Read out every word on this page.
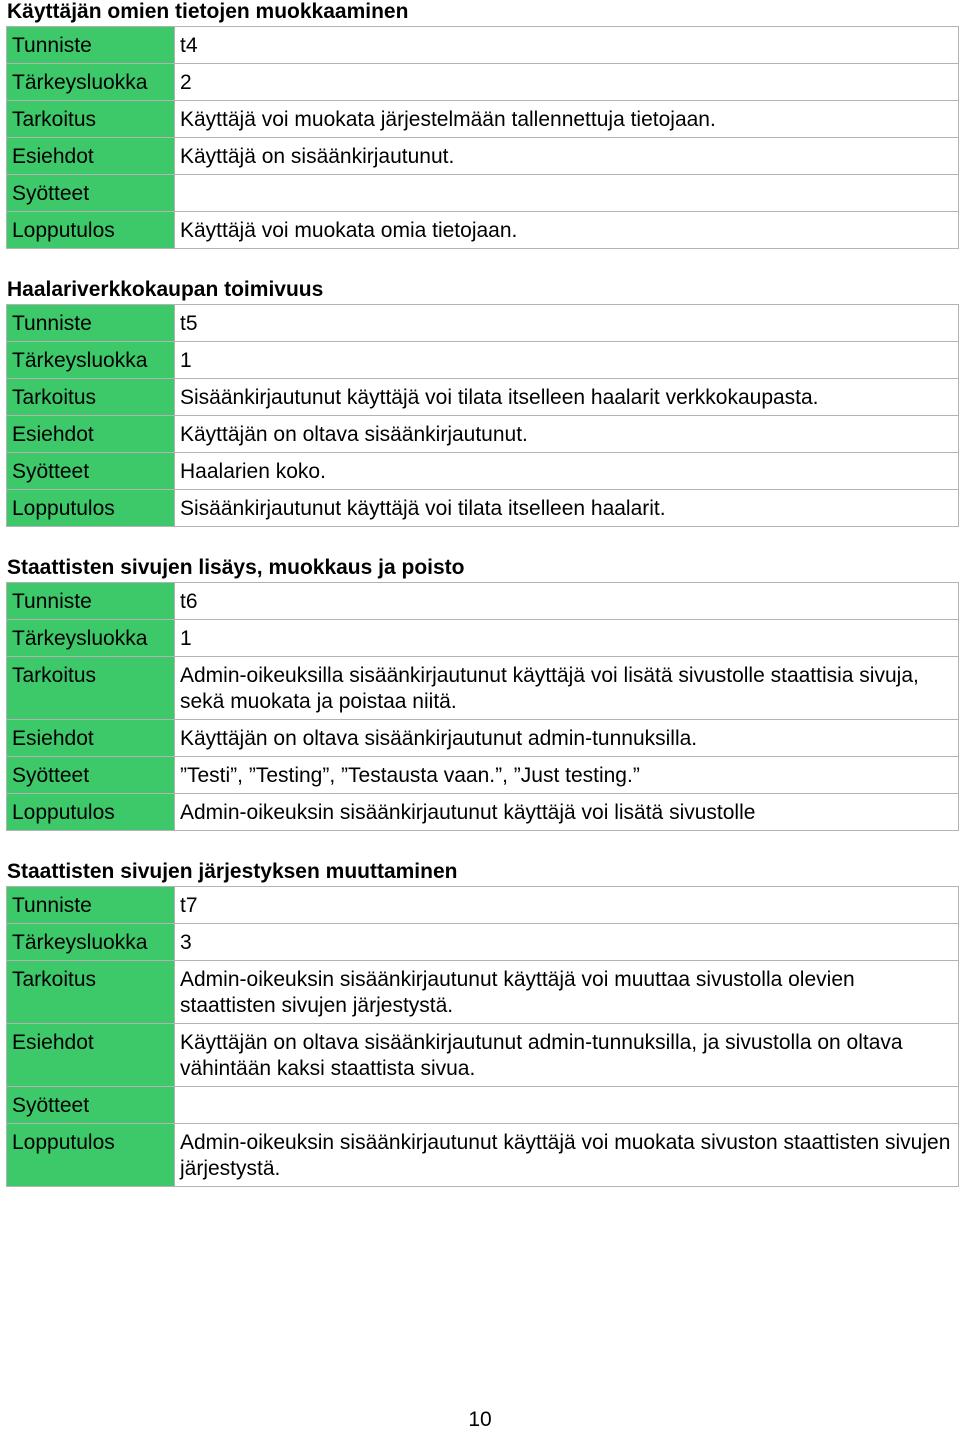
Käyttäjän omien tietojen muokkaaminen
Tunniste	t4
Tärkeysluokka	2
Tarkoitus	Käyttäjä voi muokata järjestelmään tallennettuja tietojaan.
Esiehdot	Käyttäjä on sisäänkirjautunut.
Syötteet	
Lopputulos	Käyttäjä voi muokata omia tietojaan.
Haalariverkkokaupan toimivuus
Tunniste	t5
Tärkeysluokka	1
Tarkoitus	Sisäänkirjautunut käyttäjä voi tilata itselleen haalarit verkkokaupasta.
Esiehdot	Käyttäjän on oltava sisäänkirjautunut.
Syötteet	Haalarien koko.
Lopputulos	Sisäänkirjautunut käyttäjä voi tilata itselleen haalarit.
Staattisten sivujen lisäys, muokkaus ja poisto
Tunniste	t6
Tärkeysluokka	1
Tarkoitus	Admin-oikeuksilla sisäänkirjautunut käyttäjä voi lisätä sivustolle staattisia sivuja, sekä muokata ja poistaa niitä.
Esiehdot	Käyttäjän on oltava sisäänkirjautunut admin-tunnuksilla.
Syötteet	”Testi”, ”Testing”, ”Testausta vaan.”, ”Just testing.”
Lopputulos	Admin-oikeuksin sisäänkirjautunut käyttäjä voi lisätä sivustolle
Staattisten sivujen järjestyksen muuttaminen
Tunniste	t7
Tärkeysluokka	3
Tarkoitus	Admin-oikeuksin sisäänkirjautunut käyttäjä voi muuttaa sivustolla olevien staattisten sivujen järjestystä.
Esiehdot	Käyttäjän on oltava sisäänkirjautunut admin-tunnuksilla, ja sivustolla on oltava vähintään kaksi staattista sivua.
Syötteet	
Lopputulos	Admin-oikeuksin sisäänkirjautunut käyttäjä voi muokata sivuston staattisten sivujen järjestystä.
10
